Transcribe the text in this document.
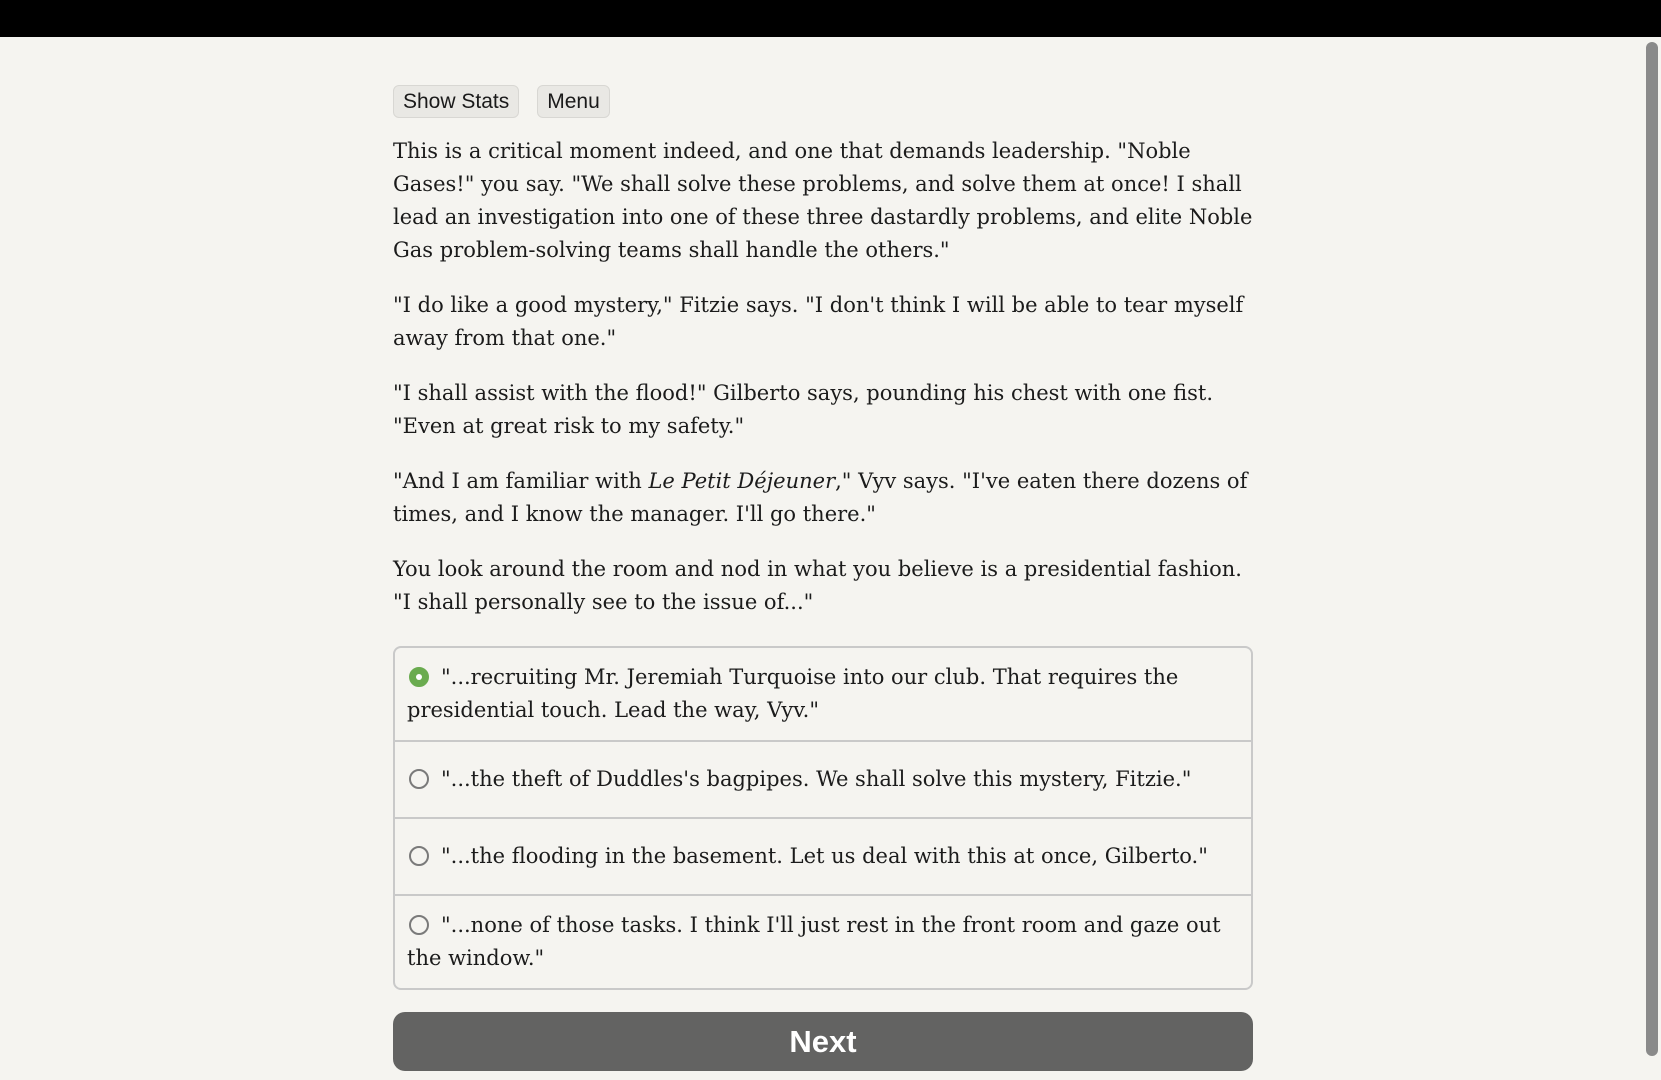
Show Stats	Menu

This is a critical moment indeed, and one that demands leadership. "Noble Gases!" you say. "We shall solve these problems, and solve them at once! I shall lead an investigation into one of these three dastardly problems, and elite Noble Gas problem-solving teams shall handle the others."

"I do like a good mystery," Fitzie says. "I don't think I will be able to tear myself away from that one."

"I shall assist with the flood!" Gilberto says, pounding his chest with one fist. "Even at great risk to my safety."

"And I am familiar with Le Petit Déjeuner," Vyv says. "I've eaten there dozens of times, and I know the manager. I'll go there."

You look around the room and nod in what you believe is a presidential fashion. "I shall personally see to the issue of..."

"...recruiting Mr. Jeremiah Turquoise into our club. That requires the presidential touch. Lead the way, Vyv."
"...the theft of Duddles's bagpipes. We shall solve this mystery, Fitzie."
"...the flooding in the basement. Let us deal with this at once, Gilberto."
"...none of those tasks. I think I'll just rest in the front room and gaze out the window."
Next
